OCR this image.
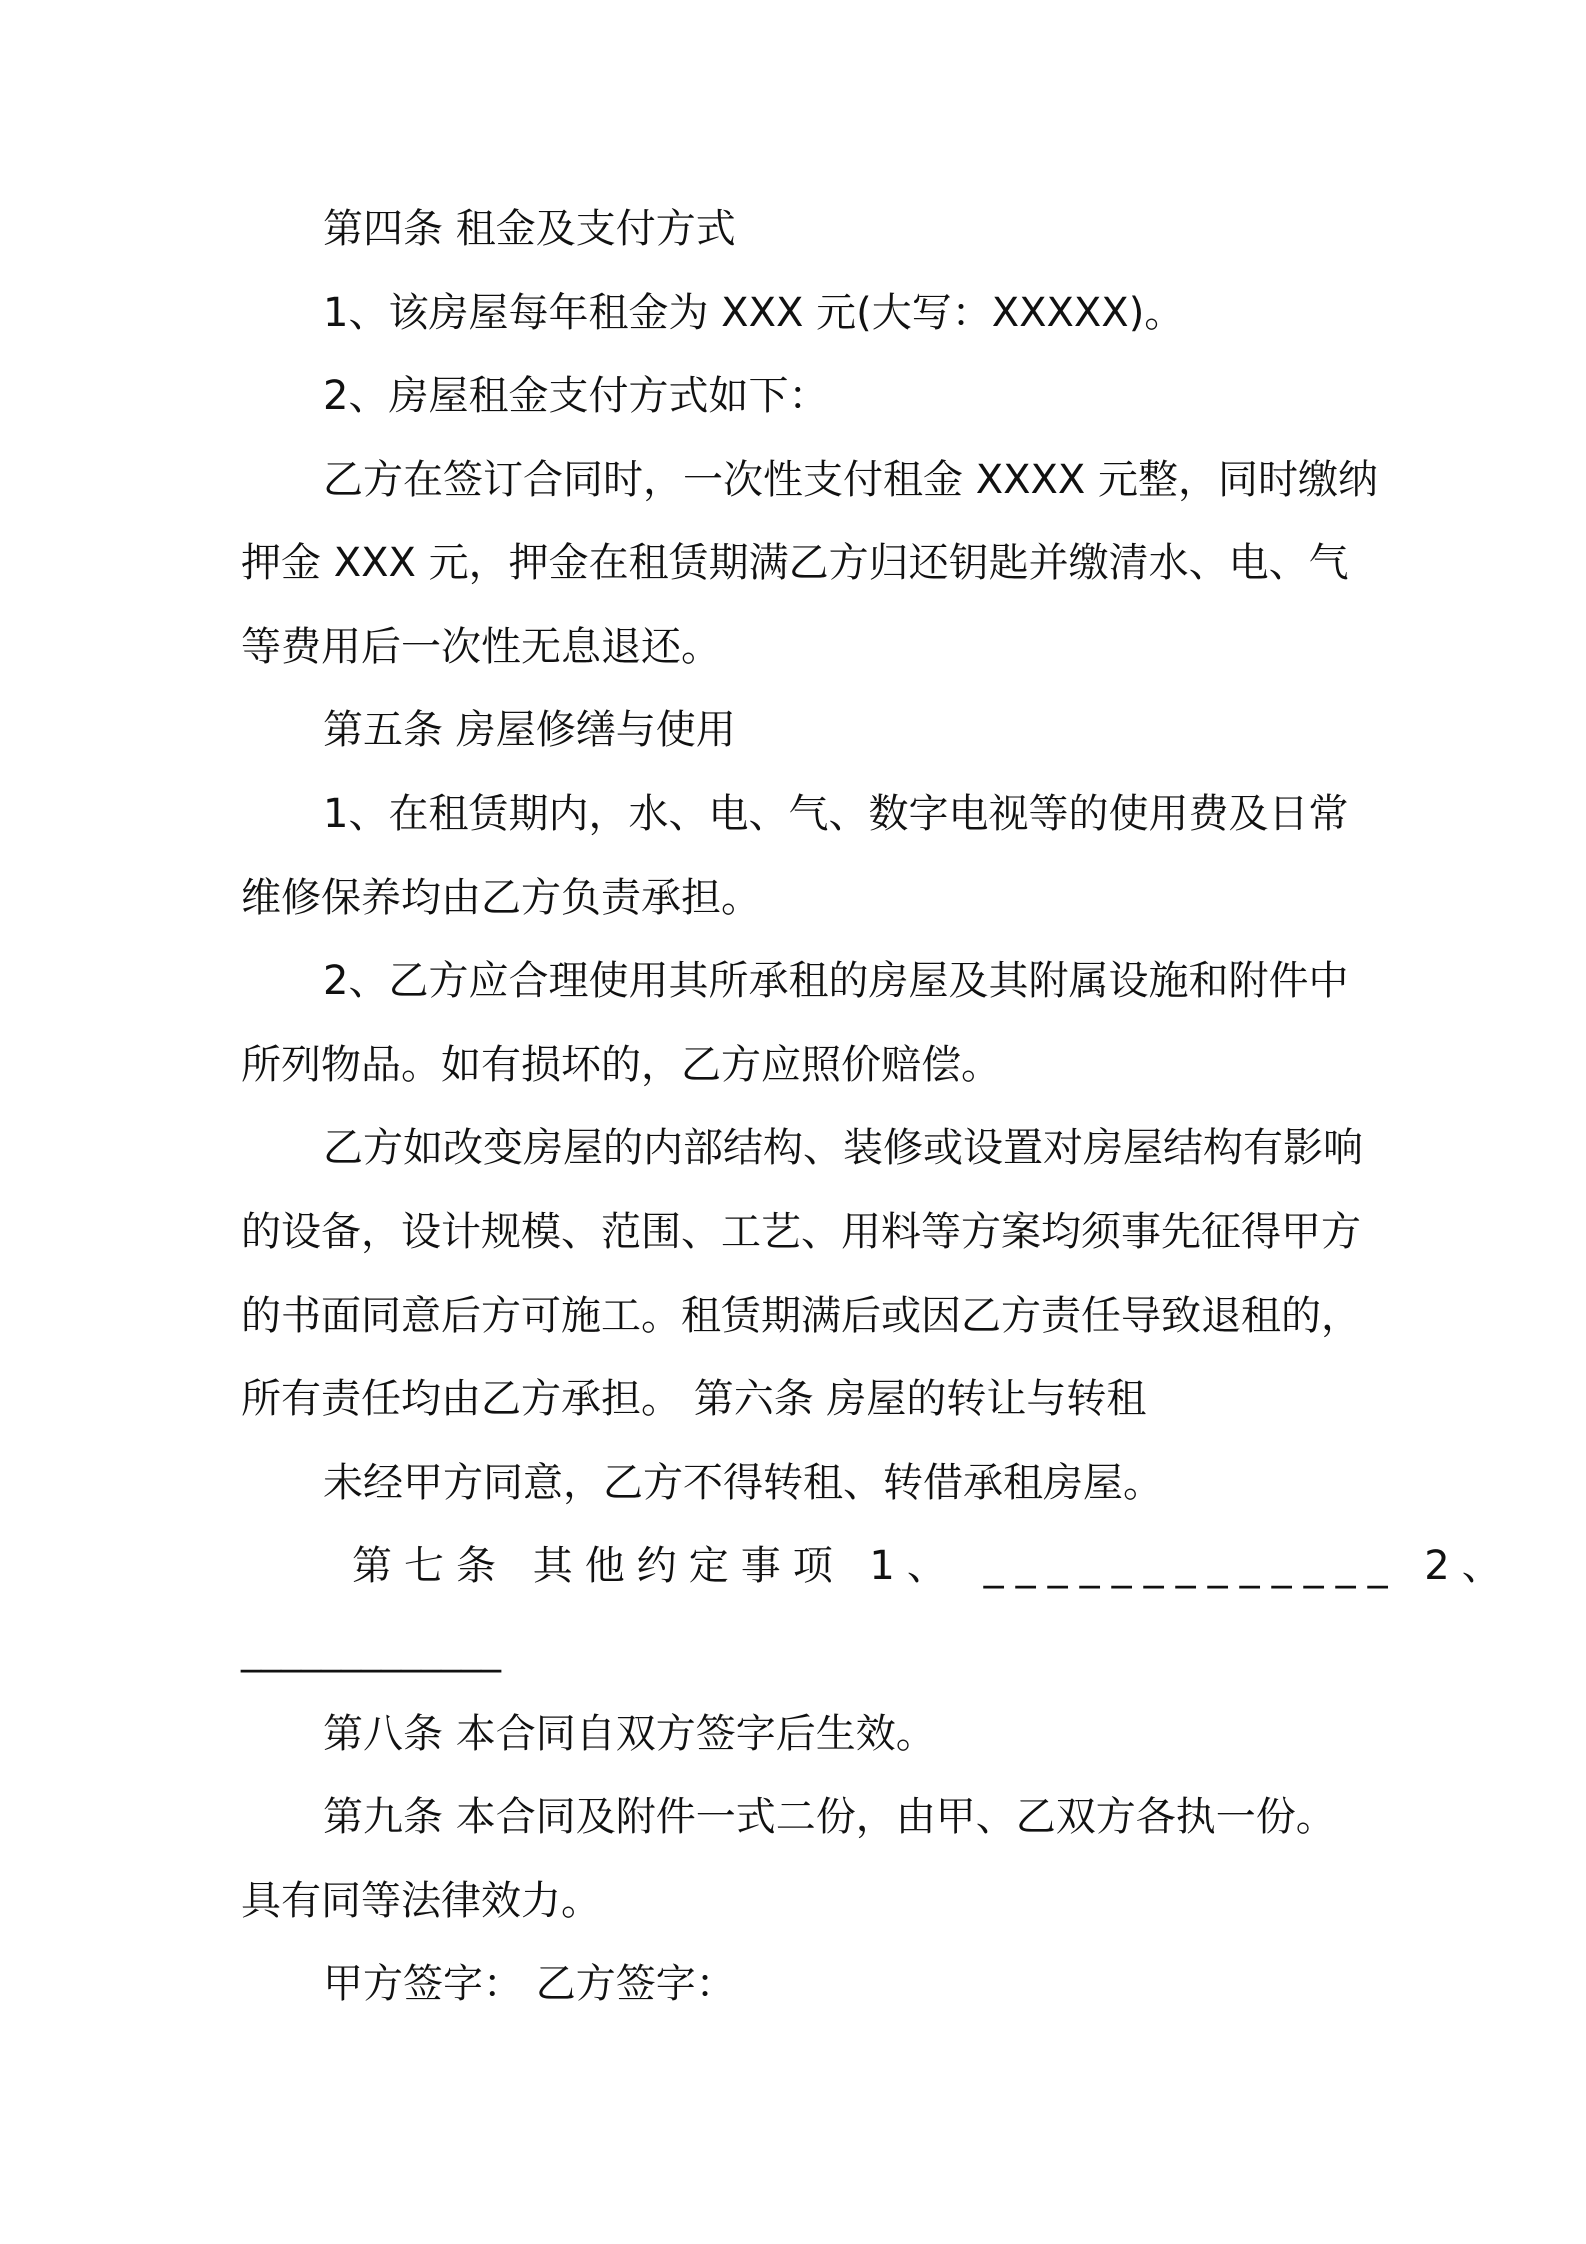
第四条 租金及支付方式
1、该房屋每年租金为 XXX 元(大写：XXXXX)。
2、房屋租金支付方式如下：
乙方在签订合同时，一次性支付租金 XXXX 元整，同时缴纳
押金 XXX 元，押金在租赁期满乙方归还钥匙并缴清水、电、气
等费用后一次性无息退还。
第五条 房屋修缮与使用
1、在租赁期内，水、电、气、数字电视等的使用费及日常
维修保养均由乙方负责承担。
2、乙方应合理使用其所承租的房屋及其附属设施和附件中
所列物品。如有损坏的，乙方应照价赔偿。
乙方如改变房屋的内部结构、装修或设置对房屋结构有影响
的设备，设计规模、范围、工艺、用料等方案均须事先征得甲方
的书面同意后方可施工。租赁期满后或因乙方责任导致退租的，
所有责任均由乙方承担。 第六条 房屋的转让与转租
未经甲方同意，乙方不得转租、转借承租房屋。
第七条 其他约定事项 1、 _____________ 2、
_____________
第八条 本合同自双方签字后生效。
第九条 本合同及附件一式二份，由甲、乙双方各执一份。
具有同等法律效力。
甲方签字： 乙方签字：
